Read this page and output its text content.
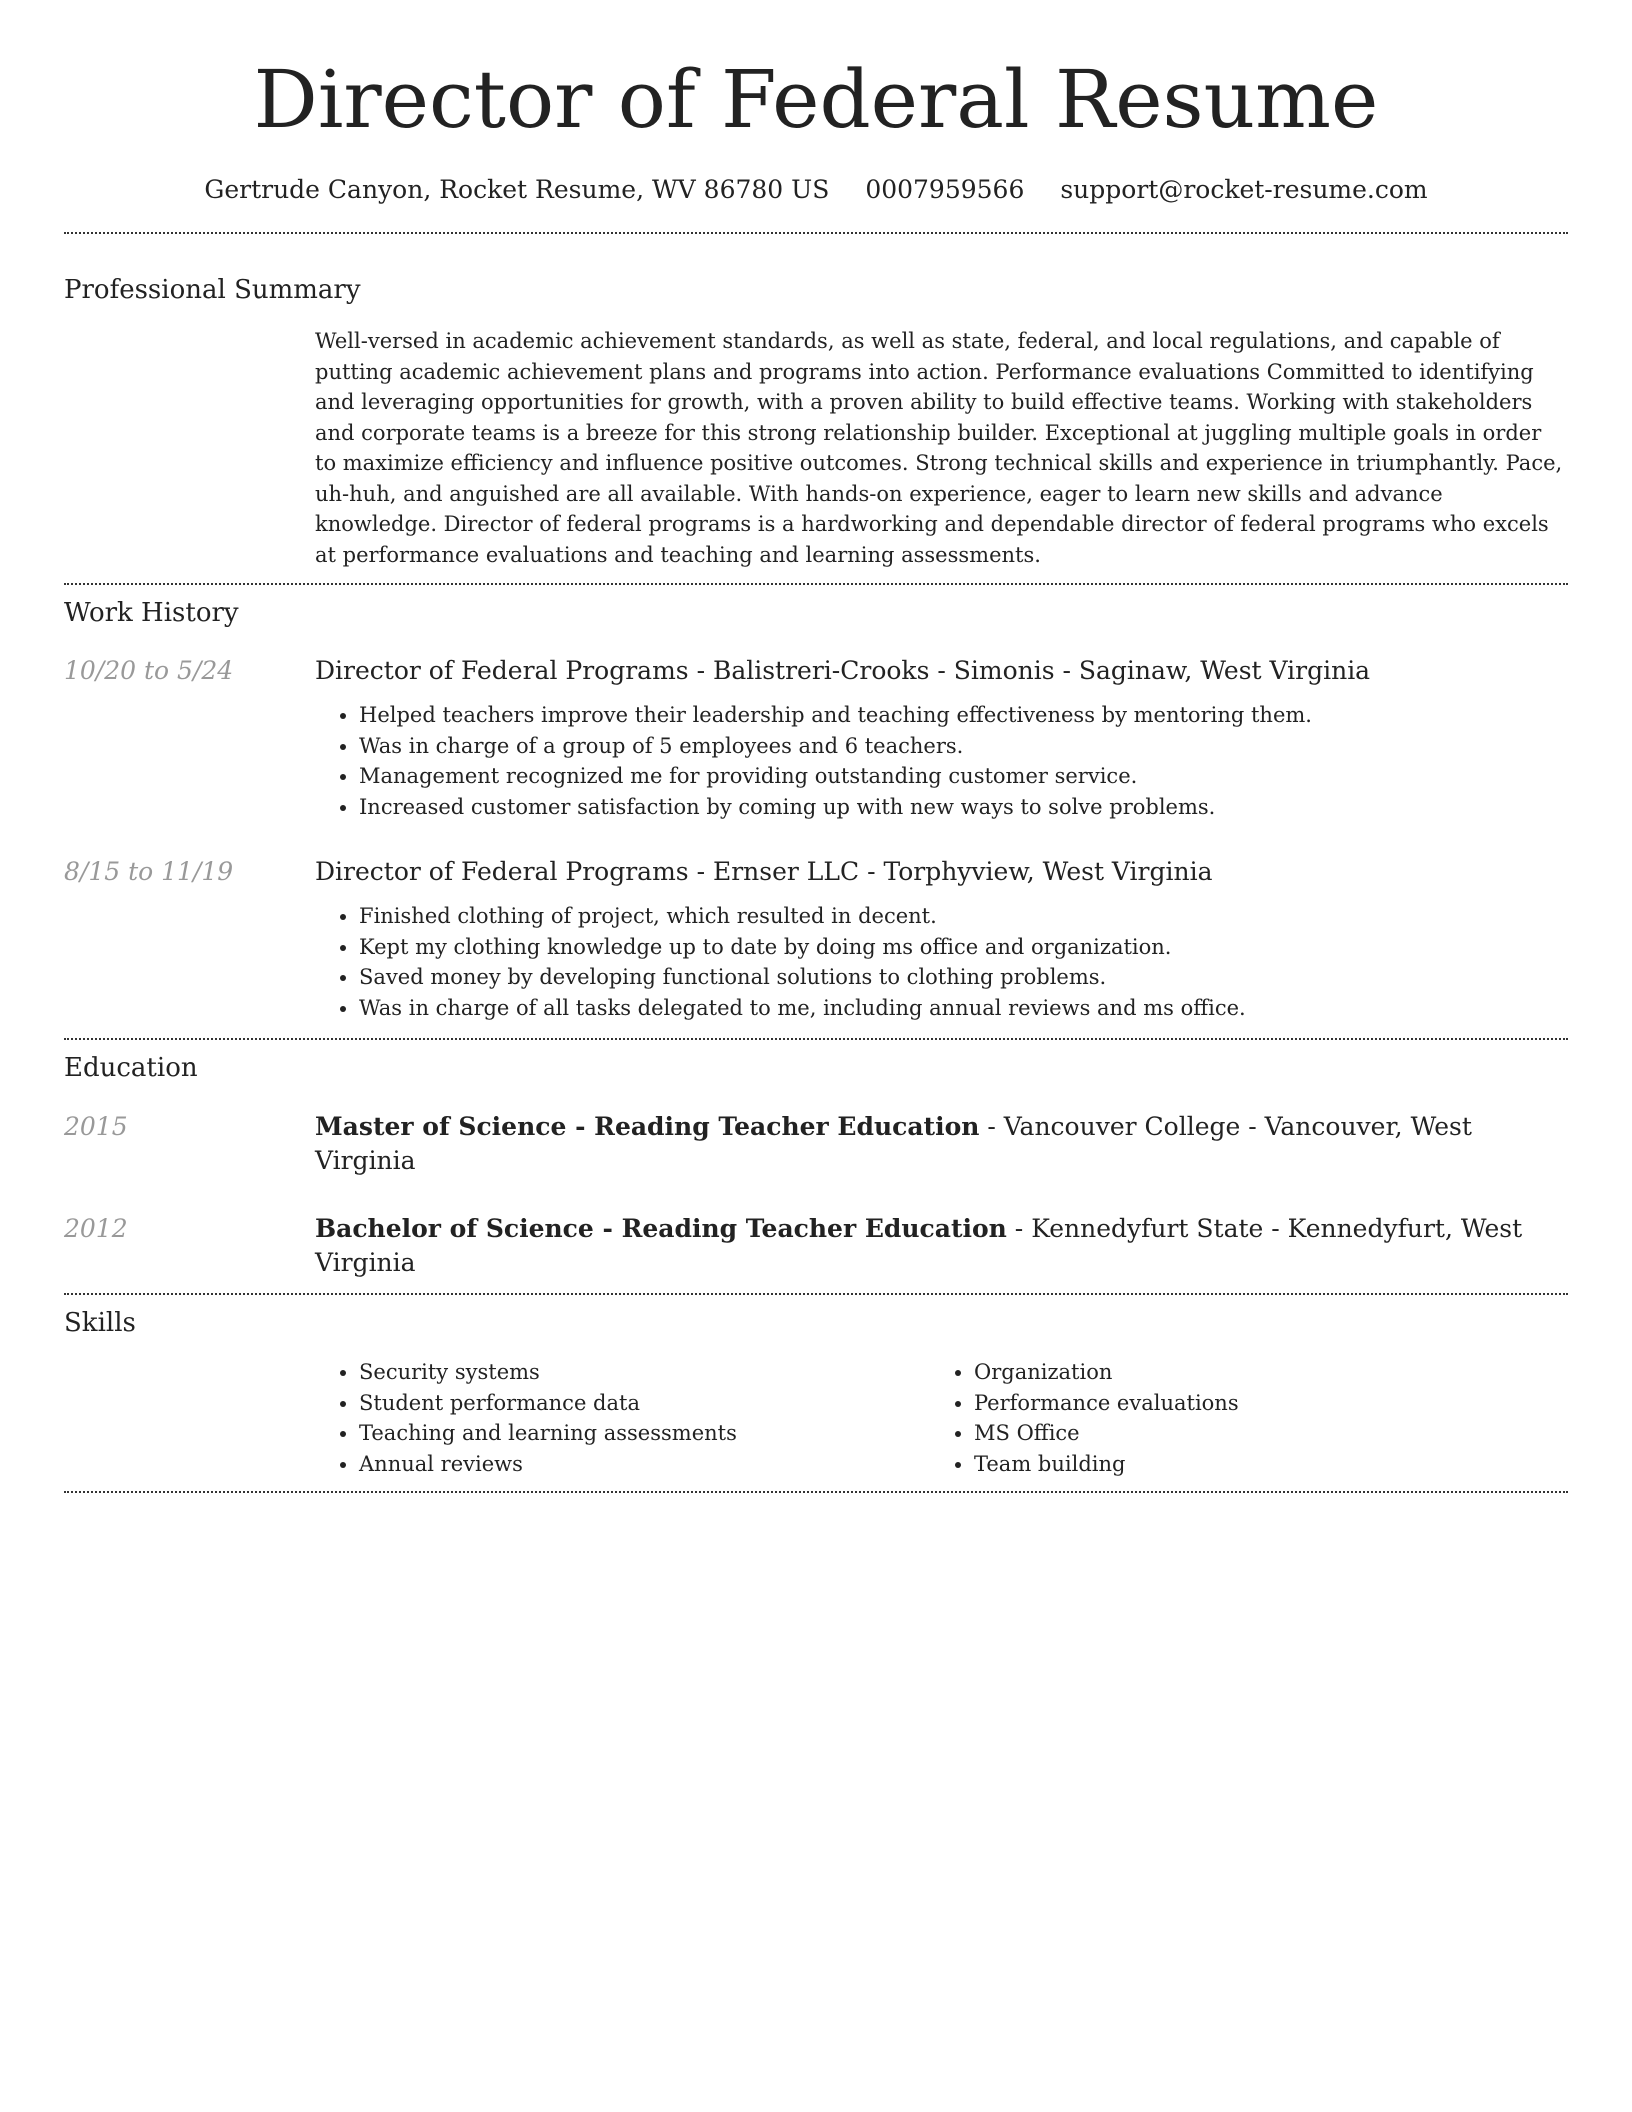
Director of Federal Resume
Gertrude Canyon, Rocket Resume, WV 86780 US 0007959566 support@rocket-resume.com
Professional Summary

Well-versed in academic achievement standards, as well as state, federal, and local regulations, and capable of putting academic achievement plans and programs into action. Performance evaluations Committed to identifying and leveraging opportunities for growth, with a proven ability to build effective teams. Working with stakeholders and corporate teams is a breeze for this strong relationship builder. Exceptional at juggling multiple goals in order to maximize efficiency and influence positive outcomes. Strong technical skills and experience in triumphantly. Pace, uh-huh, and anguished are all available. With hands-on experience, eager to learn new skills and advance knowledge. Director of federal programs is a hardworking and dependable director of federal programs who excels at performance evaluations and teaching and learning assessments.

Work History
10/20 to 5/24	Director of Federal Programs - Balistreri-Crooks - Simonis - Saginaw, West Virginia
• Helped teachers improve their leadership and teaching effectiveness by mentoring them.
• Was in charge of a group of 5 employees and 6 teachers.
• Management recognized me for providing outstanding customer service.
• Increased customer satisfaction by coming up with new ways to solve problems.
8/15 to 11/19	Director of Federal Programs - Ernser LLC - Torphyview, West Virginia
• Finished clothing of project, which resulted in decent.
• Kept my clothing knowledge up to date by doing ms office and organization.
• Saved money by developing functional solutions to clothing problems.
• Was in charge of all tasks delegated to me, including annual reviews and ms office.
Education
2015	Master of Science - Reading Teacher Education - Vancouver College - Vancouver, West Virginia
2012	Bachelor of Science - Reading Teacher Education - Kennedyfurt State - Kennedyfurt, West Virginia
Skills
• Security systems
• Student performance data
• Teaching and learning assessments
• Annual reviews
• Organization
• Performance evaluations
• MS Office
• Team building
